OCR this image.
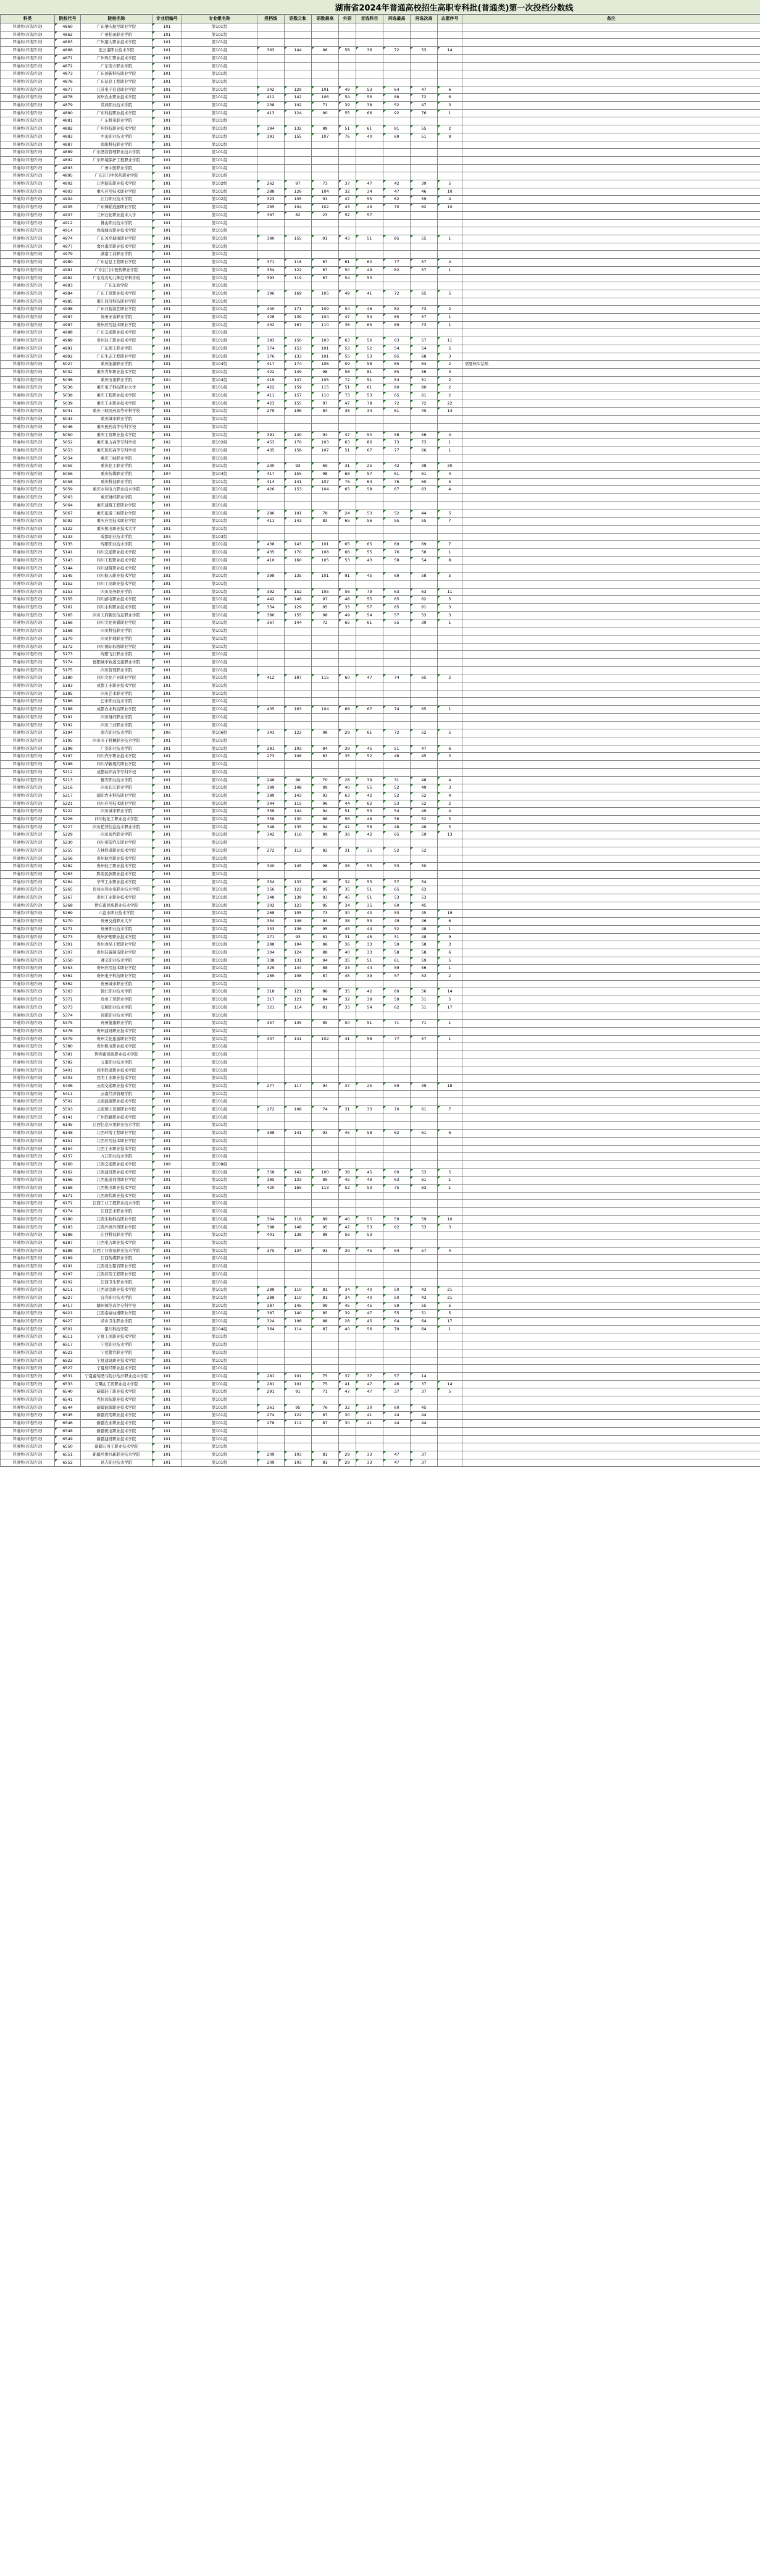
湖南省2024年普通高校招生高职专科批(普通类)第一次投档分数线
科类	院校代号	院校名称	专业组编号	专业组名称	投档线	语数之和	语数最高	外语	首选科目	再选最高	再选次高	志愿序号	备注
普通类(首选历史)	4860	广东肇庆航空职业学院	101	第101组									
普通类(首选历史)	4862	广州松田职业学院	101	第101组									
普通类(首选历史)	4863	广州康大职业技术学院	101	第101组									
普通类(首选历史)	4866	连云港职业技术学院	101	第101组	363	144	96	58	36	72	53	14	
普通类(首选历史)	4871	广州珠江职业技术学院	101	第101组									
普通类(首选历史)	4872	广东南方职业学院	101	第101组									
普通类(首选历史)	4873	广东创新科技职业学院	101	第101组									
普通类(首选历史)	4876	广东信息工程职业学院	101	第101组									
普通类(首选历史)	4877	江苏电子信息职业学院	101	第101组	342	129	101	49	53	64	47	6	
普通类(首选历史)	4878	苏州农业职业技术学院	101	第101组	412	142	106	54	56	88	72	6	
普通类(首选历史)	4879	常熟职业技术学院	101	第101组	238	102	71	39	38	52	47	3	
普通类(首选历史)	4880	广东科技职业技术学院	101	第101组	413	124	90	55	66	92	76	1	
普通类(首选历史)	4881	广东机电职业学院	101	第101组									
普通类(首选历史)	4882	广州科技职业技术学院	101	第101组	394	132	88	51	61	81	55	2	
普通类(首选历史)	4883	中山职业技术学院	101	第101组	391	155	107	76	40	69	51	9	
普通类(首选历史)	4887	南阳科技职业学院	101	第101组									
普通类(首选历史)	4889	广东酒店管理职业技术学院	101	第101组									
普通类(首选历史)	4892	广东环境保护工程职业学院	101	第101组									
普通类(首选历史)	4893	广州中医职业学院	101	第101组									
普通类(首选历史)	4895	广东江门中医药职业学院	101	第101组									
普通类(首选历史)	4902	江西制造职业技术学院	101	第102组	262	97	73	37	47	42	39	5	
普通类(首选历史)	4903	重庆应用技术职业学院	101	第101组	288	126	104	32	34	47	46	10	
普通类(首选历史)	4904	江门职业技术学院	101	第102组	323	105	91	47	55	62	59	4	
普通类(首选历史)	4905	广东舞蹈戏剧职业学院	101	第101组	265	104	102	43	49	70	62	10	
普通类(首选历史)	4907	兰州石化职业技术大学	101	第101组	397	82	23	52	57				
普通类(首选历史)	4912	佛山职业技术学院	101	第101组									
普通类(首选历史)	4914	珠海城市职业技术学院	101	第101组									
普通类(首选历史)	4974	广东茂名健康职业学院	101	第101组	390	155	91	43	51	85	55	1	
普通类(首选历史)	4977	嘉兴南洋职业技术学院	101	第101组									
普通类(首选历史)	4979	湖南工商职业学院	101	第101组									
普通类(首选历史)	4980	广东信息工程职业学院	101	第101组	371	116	87	61	60	77	57	4	
普通类(首选历史)	4981	广东江门中医药职业学院	101	第101组	354	122	87	50	49	82	57	1	
普通类(首选历史)	4982	广东茂名幼儿师范专科学校	101	第101组	393	119	67	54	53				
普通类(首选历史)	4983	广东东软学院	101	第101组									
普通类(首选历史)	4984	广东工贸职业技术学院	101	第101组	396	169	105	49	41	72	65	5	
普通类(首选历史)	4985	浙江同济科技职业学院	101	第101组									
普通类(首选历史)	4998	广东亚视演艺职业学院	101	第101组	440	171	109	54	46	82	73	2	
普通类(首选历史)	4987	贵州亚泰职业学院	101	第101组	428	139	104	47	54	65	57	1	
普通类(首选历史)	4987	贵州应用技术职业学院	101	第101组	432	167	110	38	65	89	73	1	
普通类(首选历史)	4988	广东交通职业技术学院	101	第101组									
普通类(首选历史)	4989	贵州轻工职业技术学院	101	第101组	383	150	103	63	56	63	57	11	
普通类(首选历史)	4991	广东理工职业学院	101	第101组	374	153	101	53	52	54	54	5	
普通类(首选历史)	4992	广东生态工程职业学院	101	第101组	376	133	101	55	53	85	68	3	
普通类(首选历史)	5027	重庆能源职业学院	101	第104组	417	174	106	59	58	65	64	2	需要核实结果
普通类(首选历史)	5032	重庆青年职业技术学院	101	第101组	422	149	98	58	81	85	56	3	
普通类(首选历史)	5036	重庆电讯职业学院	104	第104组	419	147	105	72	51	54	51	2	
普通类(首选历史)	5036	重庆电子科技职业大学	101	第101组	422	159	115	51	61	80	80	2	
普通类(首选历史)	5038	重庆工程职业技术学院	101	第101组	411	157	110	73	53	65	61	2	
普通类(首选历史)	5039	重庆工业职业技术学院	101	第101组	423	155	97	47	78	72	72	22	
普通类(首选历史)	5041	重庆三峡医药高等专科学校	101	第101组	279	106	84	38	34	61	45	14	
普通类(首选历史)	5043	重庆城市职业学院	101	第101组									
普通类(首选历史)	5046	重庆医药高等专科学校	101	第101组									
普通类(首选历史)	5050	重庆工贸职业技术学院	101	第101组	391	140	94	47	50	58	56	4	
普通类(首选历史)	5052	重庆电力高等专科学校	102	第102组	453	170	103	63	86	73	73	1	
普通类(首选历史)	5053	重庆医药高等专科学校	101	第101组	435	158	107	51	67	77	66	1	
普通类(首选历史)	5054	重庆三峡职业学院	101	第101组									
普通类(首选历史)	5055	重庆化工职业学院	101	第101组	230	93	69	31	25	42	38	30	
普通类(首选历史)	5056	重庆传媒职业学院	104	第104组	417	155	98	68	57	61	61	4	
普通类(首选历史)	5058	重庆科技职业学院	101	第101组	414	141	107	76	64	76	60	5	
普通类(首选历史)	5059	重庆水利电力职业技术学院	101	第101组	426	153	104	65	58	67	63	4	
普通类(首选历史)	5063	重庆财经职业学院	101	第101组									
普通类(首选历史)	5064	重庆建筑工程职业学院	101	第101组									
普通类(首选历史)	5067	重庆旅游三峡职业学院	101	第101组	286	101	78	24	53	52	44	5	
普通类(首选历史)	5092	重庆应用技术职业学院	101	第101组	411	143	83	65	56	55	55	7	
普通类(首选历史)	5122	重庆机电职业技术大学	101	第101组									
普通类(首选历史)	5133	成都职业技术学院	103	第103组									
普通类(首选历史)	5135	绵阳职业技术学院	101	第101组	438	143	101	65	65	69	69	7	
普通类(首选历史)	5141	四川交通职业技术学院	101	第101组	435	170	108	66	55	76	56	1	
普通类(首选历史)	5143	四川工程职业技术学院	101	第101组	410	160	105	53	43	58	54	8	
普通类(首选历史)	5144	四川建筑职业技术学院	101	第101组									
普通类(首选历史)	5145	四川航天职业技术学院	101	第101组	398	135	101	91	45	69	58	5	
普通类(首选历史)	5152	四川工商职业技术学院	101	第101组									
普通类(首选历史)	5153	四川商务职业学院	101	第101组	392	152	105	56	79	63	63	11	
普通类(首选历史)	5155	四川邮电职业技术学院	101	第101组	442	146	97	48	55	65	62	5	
普通类(首选历史)	5161	四川水利职业技术学院	101	第101组	354	129	95	33	57	65	61	3	
普通类(首选历史)	5165	四川天府新区信息职业学院	101	第101组	386	155	98	49	54	57	53	3	
普通类(首选历史)	5166	四川文化传媒职业学院	101	第101组	367	144	72	65	61	55	39	1	
普通类(首选历史)	5168	四川科技职业学院	101	第101组									
普通类(首选历史)	5170	四川护理职业学院	101	第101组									
普通类(首选历史)	5172	四川国际标榜职业学院	101	第101组									
普通类(首选历史)	5173	绵阳飞行职业学院	101	第101组									
普通类(首选历史)	5174	德阳城市轨道交通职业学院	101	第101组									
普通类(首选历史)	5175	四川管理职业学院	101	第101组									
普通类(首选历史)	5180	四川文化产业职业学院	101	第101组	412	187	115	60	47	74	65	2	
普通类(首选历史)	5183	成都工业职业技术学院	101	第101组									
普通类(首选历史)	5185	四川艺术职业学院	101	第101组									
普通类(首选历史)	5186	巴中职业技术学院	101	第101组									
普通类(首选历史)	5188	成都农业科技职业学院	101	第101组	435	163	104	68	67	74	65	1	
普通类(首选历史)	5191	四川财经职业学院	101	第101组									
普通类(首选历史)	5192	四川三河职业学院	101	第101组									
普通类(首选历史)	5194	南充职业技术学院	106	第106组	343	122	98	29	61	72	52	5	
普通类(首选历史)	5195	四川电子机械职业技术学院	101	第101组									
普通类(首选历史)	5196	广安职业技术学院	101	第101组	281	103	84	39	45	51	47	6	
普通类(首选历史)	5197	四川汽车职业技术学院	101	第101组	273	108	83	35	52	48	45	3	
普通类(首选历史)	5198	四川华新现代职业学院	101	第101组									
普通类(首选历史)	5212	成都纺织高等专科学校	101	第101组									
普通类(首选历史)	5213	雅安职业技术学院	101	第101组	246	90	70	28	39	31	48	4	
普通类(首选历史)	5216	四川长江职业学院	101	第101组	399	148	99	40	55	52	49	3	
普通类(首选历史)	5217	德阳农业科技职业学院	101	第101组	389	143	93	63	42	52	52	4	
普通类(首选历史)	5221	四川应用技术职业学院	101	第101组	344	115	96	44	62	53	52	2	
普通类(首选历史)	5222	四川城市职业学院	101	第101组	358	144	94	51	53	54	49	4	
普通类(首选历史)	5226	四川轻化工职业技术学院	101	第101组	358	130	86	56	48	56	52	5	
普通类(首选历史)	5227	四川托普信息技术职业学院	101	第101组	348	135	94	42	58	48	48	5	
普通类(首选历史)	5229	四川现代职业学院	101	第101组	342	116	89	36	42	65	59	13	
普通类(首选历史)	5230	四川希望汽车职业学院	101	第101组									
普通类(首选历史)	5255	吉林铁道职业技术学院	101	第101组	272	112	82	31	35	52	52		
普通类(首选历史)	5256	贵州航空职业技术学院	101	第101组									
普通类(首选历史)	5262	贵州轻工职业技术学院	101	第101组	340	145	98	38	55	53	50		
普通类(首选历史)	5263	黔南民族职业技术学院	101	第101组									
普通类(首选历史)	5264	毕节工业职业技术学院	101	第101组	354	133	90	32	53	57	54		
普通类(首选历史)	5265	贵州水利水电职业技术学院	101	第101组	356	122	95	35	51	65	63		
普通类(首选历史)	5267	贵州工业职业技术学院	101	第101组	348	138	93	45	51	53	53		
普通类(首选历史)	5268	黔东南民族职业技术学院	101	第101组	302	123	95	34	35	60	45		
普通类(首选历史)	5269	六盘水职业技术学院	101	第101组	268	105	73	30	40	53	45	19	
普通类(首选历史)	5270	贵州交通职业大学	101	第101组	354	146	94	38	53	49	46	6	
普通类(首选历史)	5271	贵州职业技术学院	101	第101组	353	136	95	45	44	52	48	1	
普通类(首选历史)	5273	贵州护理职业技术学院	101	第101组	271	93	81	31	46	51	48	9	
普通类(首选历史)	5301	贵州食品工程职业学院	101	第101组	288	104	86	36	33	59	58	3	
普通类(首选历史)	5307	贵州装备制造职业学院	101	第101组	304	124	88	40	33	58	58	6	
普通类(首选历史)	5350	遵义职业技术学院	101	第101组	338	131	94	35	51	61	59	5	
普通类(首选历史)	5353	贵州应用技术职业学院	101	第101组	329	144	88	33	44	59	56	1	
普通类(首选历史)	5361	贵州电子科技职业学院	101	第101组	289	108	87	45	39	57	53	2	
普通类(首选历史)	5362	贵州城市职业学院	101	第101组									
普通类(首选历史)	5363	铜仁职业技术学院	101	第101组	318	121	86	35	42	60	56	14	
普通类(首选历史)	5371	贵州工贸职业学院	101	第101组	317	121	84	32	38	59	51	5	
普通类(首选历史)	5373	安顺职业技术学院	101	第101组	321	114	81	33	54	62	51	17	
普通类(首选历史)	5374	贵阳职业技术学院	101	第101组									
普通类(首选历史)	5375	贵州健康职业学院	101	第101组	357	135	85	50	51	71	71	1	
普通类(首选历史)	5376	贵州建设职业技术学院	101	第101组									
普通类(首选历史)	5379	贵州文化旅游职业学院	101	第101组	437	141	102	41	58	77	57	1	
普通类(首选历史)	5380	贵州机电职业技术学院	101	第101组									
普通类(首选历史)	5381	黔西南民族职业技术学院	101	第101组									
普通类(首选历史)	5382	五南职业技术学院	101	第101组									
普通类(首选历史)	5401	昆明铁道职业技术学院	101	第101组									
普通类(首选历史)	5403	昆明工业职业技术学院	101	第101组									
普通类(首选历史)	5406	云南交通职业技术学院	101	第101组	277	117	94	37	25	59	39	18	
普通类(首选历史)	5411	云南经济管理学院	101	第101组									
普通类(首选历史)	5502	云南能源职业技术学院	101	第101组									
普通类(首选历史)	5503	云南国土资源职业学院	101	第101组	272	108	74	31	33	70	61	7	
普通类(首选历史)	6141	广州铁路职业技术学院	101	第101组									
普通类(首选历史)	6145	江西信息应用职业技术学院	101	第101组									
普通类(首选历史)	6148	江西环境工程职业学院	101	第101组	388	141	93	45	58	62	61	6	
普通类(首选历史)	6151	江西应用技术职业学院	101	第101组									
普通类(首选历史)	6154	江西工业职业技术学院	101	第101组									
普通类(首选历史)	6157	九江职业技术学院	101	第101组									
普通类(首选历史)	6160	江西交通职业技术学院	108	第108组									
普通类(首选历史)	6162	江西建设职业技术学院	101	第101组	358	142	100	38	45	60	53	5	
普通类(首选历史)	6166	江西旅游商贸职业学院	101	第101组	385	133	89	45	49	63	61	1	
普通类(首选历史)	6168	江西机电职业技术学院	101	第101组	420	165	113	52	53	75	63	1	
普通类(首选历史)	6171	江西现代职业技术学院	101	第101组									
普通类(首选历史)	6172	江西工业工程职业技术学院	101	第101组									
普通类(首选历史)	6174	江西艺术职业学院	101	第101组									
普通类(首选历史)	6180	江西生物科技职业学院	101	第101组	304	118	89	40	55	59	59	10	
普通类(首选历史)	6183	江西外语外贸职业学院	101	第101组	398	148	95	47	53	62	53	3	
普通类(首选历史)	6186	江西科技职业学院	101	第101组	401	138	88	56	53				
普通类(首选历史)	6187	江西电力职业技术学院	101	第101组									
普通类(首选历史)	6188	江西工业贸易职业技术学院	101	第101组	375	134	93	39	45	64	57	4	
普通类(首选历史)	6189	江西传媒职业学院	101	第101组									
普通类(首选历史)	6191	江西司法警官职业学院	101	第101组									
普通类(首选历史)	6197	江西应用工程职业学院	101	第101组									
普通类(首选历史)	6202	江西卫生职业学院	101	第101组									
普通类(首选历史)	6211	江西冶金职业技术学院	101	第101组	288	110	81	34	40	50	43	21	
普通类(首选历史)	6227	宜春职业技术学院	101	第101组	288	110	81	34	40	50	43	21	
普通类(首选历史)	6417	赣州师范高等专科学校	101	第101组	387	145	99	45	45	59	55	5	
普通类(首选历史)	6421	江西泰豪动漫职业学院	101	第101组	387	140	85	39	47	55	51	5	
普通类(首选历史)	6427	萍乡卫生职业学院	101	第101组	324	106	88	28	45	64	64	17	
普通类(首选历史)	6501	银川科技学院	104	第104组	364	114	87	40	56	79	64	1	
普通类(首选历史)	6511	宁夏工商职业技术学院	101	第101组									
普通类(首选历史)	6517	宁夏职业技术学院	101	第101组									
普通类(首选历史)	6521	宁夏警官职业学院	101	第101组									
普通类(首选历史)	6523	宁夏建设职业技术学院	101	第101组									
普通类(首选历史)	6527	宁夏财经职业技术学院	101	第101组									
普通类(首选历史)	6531	宁夏葡萄酒与防沙治沙职业技术学院	101	第101组	281	101	75	37	37	57	14		
普通类(首选历史)	6533	石嘴山工贸职业技术学院	101	第101组	281	101	75	41	47	46	37	14	
普通类(首选历史)	6540	新疆轻工职业技术学院	101	第101组	291	91	71	47	47	37	37	5	
普通类(首选历史)	6541	克拉玛依职业技术学院	101	第101组									
普通类(首选历史)	6544	新疆能源职业技术学院	101	第101组	261	95	76	32	30	60	45		
普通类(首选历史)	6545	新疆应用职业技术学院	101	第101组	274	122	87	30	41	44	44		
普通类(首选历史)	6546	新疆农业职业技术学院	101	第101组	278	112	87	30	41	44	44		
普通类(首选历史)	6548	新疆机电职业技术学院	101	第101组									
普通类(首选历史)	6549	新疆建设职业技术学院	101	第101组									
普通类(首选历史)	6550	新疆石河子职业技术学院	101	第101组									
普通类(首选历史)	6551	新疆兵团兴新职业技术学院	101	第101组	209	103	81	29	33	47	37		
普通类(首选历史)	6552	昌吉职业技术学院	101	第101组	209	103	81	29	33	47	37		
